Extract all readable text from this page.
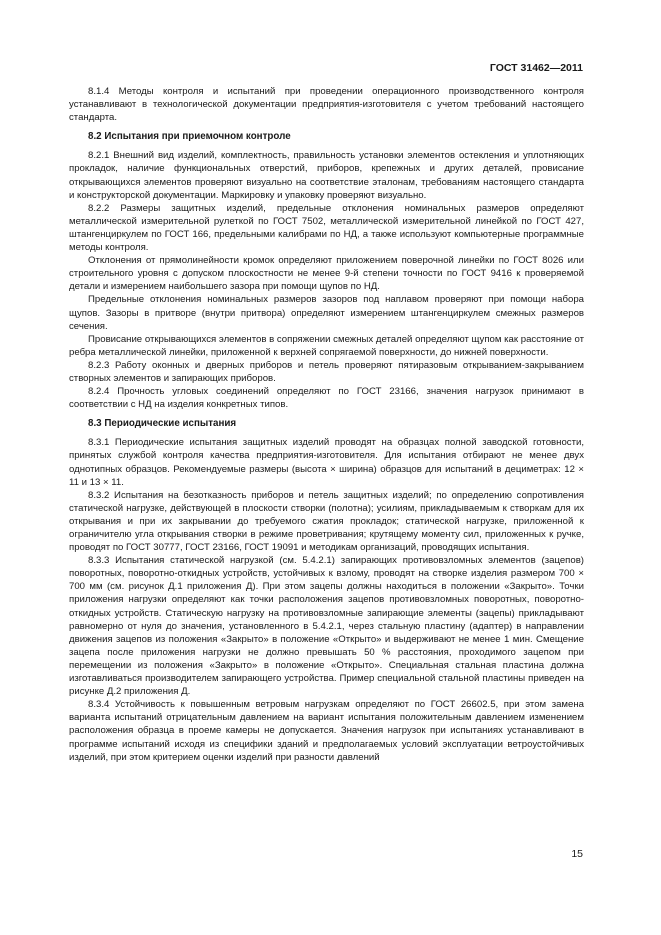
ГОСТ 31462—2011

8.1.4 Методы контроля и испытаний при проведении операционного производственного контроля устанавливают в технологической документации предприятия-изготовителя с учетом требований настоящего стандарта.

8.2 Испытания при приемочном контроле

8.2.1 Внешний вид изделий, комплектность, правильность установки элементов остекления и уплотняющих прокладок, наличие функциональных отверстий, приборов, крепежных и других деталей, провисание открывающихся элементов проверяют визуально на соответствие эталонам, требованиям настоящего стандарта и конструкторской документации. Маркировку и упаковку проверяют визуально.

8.2.2 Размеры защитных изделий, предельные отклонения номинальных размеров определяют металлической измерительной рулеткой по ГОСТ 7502, металлической измерительной линейкой по ГОСТ 427, штангенциркулем по ГОСТ 166, предельными калибрами по НД, а также используют компьютерные программные методы контроля.

Отклонения от прямолинейности кромок определяют приложением поверочной линейки по ГОСТ 8026 или строительного уровня с допуском плоскостности не менее 9-й степени точности по ГОСТ 9416 к проверяемой детали и измерением наибольшего зазора при помощи щупов по НД.

Предельные отклонения номинальных размеров зазоров под наплавом проверяют при помощи набора щупов. Зазоры в притворе (внутри притвора) определяют измерением штангенциркулем смежных размеров сечения.

Провисание открывающихся элементов в сопряжении смежных деталей определяют щупом как расстояние от ребра металлической линейки, приложенной к верхней сопрягаемой поверхности, до нижней поверхности.

8.2.3 Работу оконных и дверных приборов и петель проверяют пятиразовым открыванием-закрыванием створных элементов и запирающих приборов.

8.2.4 Прочность угловых соединений определяют по ГОСТ 23166, значения нагрузок принимают в соответствии с НД на изделия конкретных типов.

8.3 Периодические испытания

8.3.1 Периодические испытания защитных изделий проводят на образцах полной заводской готовности, принятых службой контроля качества предприятия-изготовителя. Для испытания отбирают не менее двух однотипных образцов. Рекомендуемые размеры (высота × ширина) образцов для испытаний в дециметрах: 12 × 11 и 13 × 11.

8.3.2 Испытания на безотказность приборов и петель защитных изделий; по определению сопротивления статической нагрузке, действующей в плоскости створки (полотна); усилиям, прикладываемым к створкам для их открывания и при их закрывании до требуемого сжатия прокладок; статической нагрузке, приложенной к ограничителю угла открывания створки в режиме проветривания; крутящему моменту сил, приложенных к ручке, проводят по ГОСТ 30777, ГОСТ 23166, ГОСТ 19091 и методикам организаций, проводящих испытания.

8.3.3 Испытания статической нагрузкой (см. 5.4.2.1) запирающих противовзломных элементов (зацепов) поворотных, поворотно-откидных устройств, устойчивых к взлому, проводят на створке изделия размером 700 × 700 мм (см. рисунок Д.1 приложения Д). При этом зацепы должны находиться в положении «Закрыто». Точки приложения нагрузки определяют как точки расположения зацепов противовзломных поворотных, поворотно-откидных устройств. Статическую нагрузку на противовзломные запирающие элементы (зацепы) прикладывают равномерно от нуля до значения, установленного в 5.4.2.1, через стальную пластину (адаптер) в направлении движения зацепов из положения «Закрыто» в положение «Открыто» и выдерживают не менее 1 мин. Смещение зацепа после приложения нагрузки не должно превышать 50 % расстояния, проходимого зацепом при перемещении из положения «Закрыто» в положение «Открыто». Специальная стальная пластина должна изготавливаться производителем запирающего устройства. Пример специальной стальной пластины приведен на рисунке Д.2 приложения Д.

8.3.4 Устойчивость к повышенным ветровым нагрузкам определяют по ГОСТ 26602.5, при этом замена варианта испытаний отрицательным давлением на вариант испытания положительным давлением изменением расположения образца в проеме камеры не допускается. Значения нагрузок при испытаниях устанавливают в программе испытаний исходя из специфики зданий и предполагаемых условий эксплуатации ветроустойчивых изделий, при этом критерием оценки изделий при разности давлений

15
